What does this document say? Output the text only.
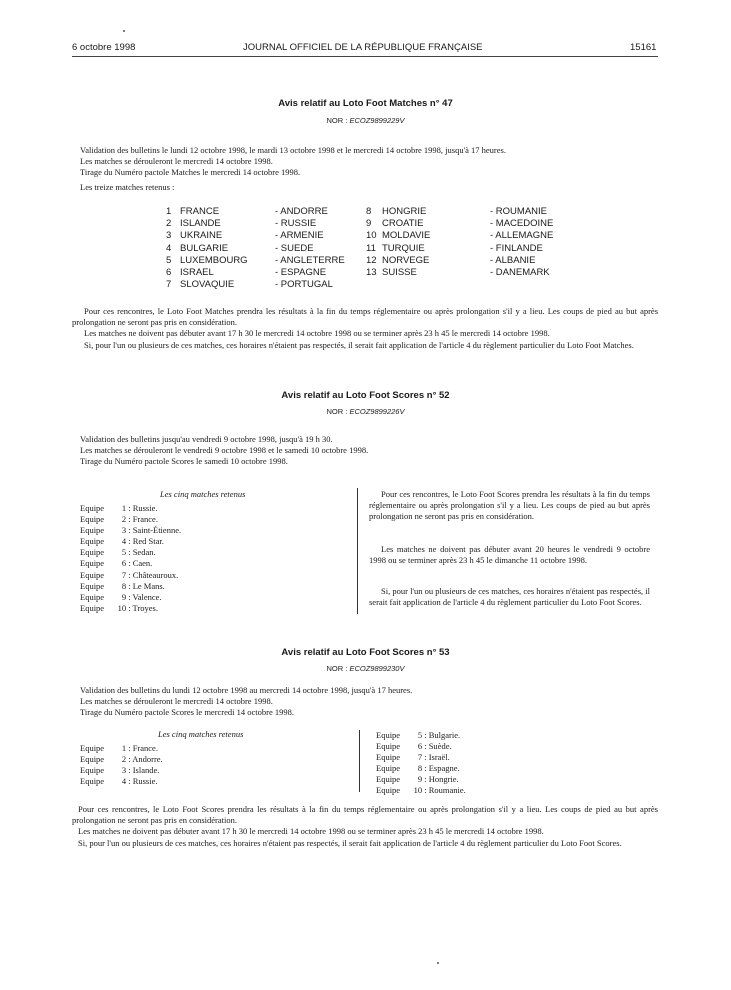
6 octobre 1998	JOURNAL OFFICIEL DE LA RÉPUBLIQUE FRANÇAISE	15161
Avis relatif au Loto Foot Matches n° 47
NOR : ECOZ9899229V
Validation des bulletins le lundi 12 octobre 1998, le mardi 13 octobre 1998 et le mercredi 14 octobre 1998, jusqu'à 17 heures.
Les matches se dérouleront le mercredi 14 octobre 1998.
Tirage du Numéro pactole Matches le mercredi 14 octobre 1998.
Les treize matches retenus :
1 FRANCE	- ANDORRE
2 ISLANDE	- RUSSIE
3 UKRAINE	- ARMENIE
4 BULGARIE	- SUEDE
5 LUXEMBOURG	- ANGLETERRE
6 ISRAEL	- ESPAGNE
7 SLOVAQUIE	- PORTUGAL
8 HONGRIE	- ROUMANIE
9 CROATIE	- MACEDOINE
10 MOLDAVIE	- ALLEMAGNE
11 TURQUIE	- FINLANDE
12 NORVEGE	- ALBANIE
13 SUISSE	- DANEMARK
Pour ces rencontres, le Loto Foot Matches prendra les résultats à la fin du temps réglementaire ou après prolongation s'il y a lieu. Les coups de pied au but après prolongation ne seront pas pris en considération.
Les matches ne doivent pas débuter avant 17 h 30 le mercredi 14 octobre 1998 ou se terminer après 23 h 45 le mercredi 14 octobre 1998.
Si, pour l'un ou plusieurs de ces matches, ces horaires n'étaient pas respectés, il serait fait application de l'article 4 du règlement particulier du Loto Foot Matches.
Avis relatif au Loto Foot Scores n° 52
NOR : ECOZ9899226V
Validation des bulletins jusqu'au vendredi 9 octobre 1998, jusqu'à 19 h 30.
Les matches se dérouleront le vendredi 9 octobre 1998 et le samedi 10 octobre 1998.
Tirage du Numéro pactole Scores le samedi 10 octobre 1998.
Les cinq matches retenus
Equipe 1 : Russie.
Equipe 2 : France.
Equipe 3 : Saint-Étienne.
Equipe 4 : Red Star.
Equipe 5 : Sedan.
Equipe 6 : Caen.
Equipe 7 : Châteauroux.
Equipe 8 : Le Mans.
Equipe 9 : Valence.
Equipe 10 : Troyes.
Pour ces rencontres, le Loto Foot Scores prendra les résultats à la fin du temps réglementaire ou après prolongation s'il y a lieu. Les coups de pied au but après prolongation ne seront pas pris en considération.
Les matches ne doivent pas débuter avant 20 heures le vendredi 9 octobre 1998 ou se terminer après 23 h 45 le dimanche 11 octobre 1998.
Si, pour l'un ou plusieurs de ces matches, ces horaires n'étaient pas respectés, il serait fait application de l'article 4 du règlement particulier du Loto Foot Scores.
Avis relatif au Loto Foot Scores n° 53
NOR : ECOZ9899230V
Validation des bulletins du lundi 12 octobre 1998 au mercredi 14 octobre 1998, jusqu'à 17 heures.
Les matches se dérouleront le mercredi 14 octobre 1998.
Tirage du Numéro pactole Scores le mercredi 14 octobre 1998.
Les cinq matches retenus
Equipe 1 : France.
Equipe 2 : Andorre.
Equipe 3 : Islande.
Equipe 4 : Russie.
Equipe 5 : Bulgarie.
Equipe 6 : Suède.
Equipe 7 : Israël.
Equipe 8 : Espagne.
Equipe 9 : Hongrie.
Equipe 10 : Roumanie.
Pour ces rencontres, le Loto Foot Scores prendra les résultats à la fin du temps réglementaire ou après prolongation s'il y a lieu. Les coups de pied au but après prolongation ne seront pas pris en considération.
Les matches ne doivent pas débuter avant 17 h 30 le mercredi 14 octobre 1998 ou se terminer après 23 h 45 le mercredi 14 octobre 1998.
Si, pour l'un ou plusieurs de ces matches, ces horaires n'étaient pas respectés, il serait fait application de l'article 4 du règlement particulier du Loto Foot Scores.
